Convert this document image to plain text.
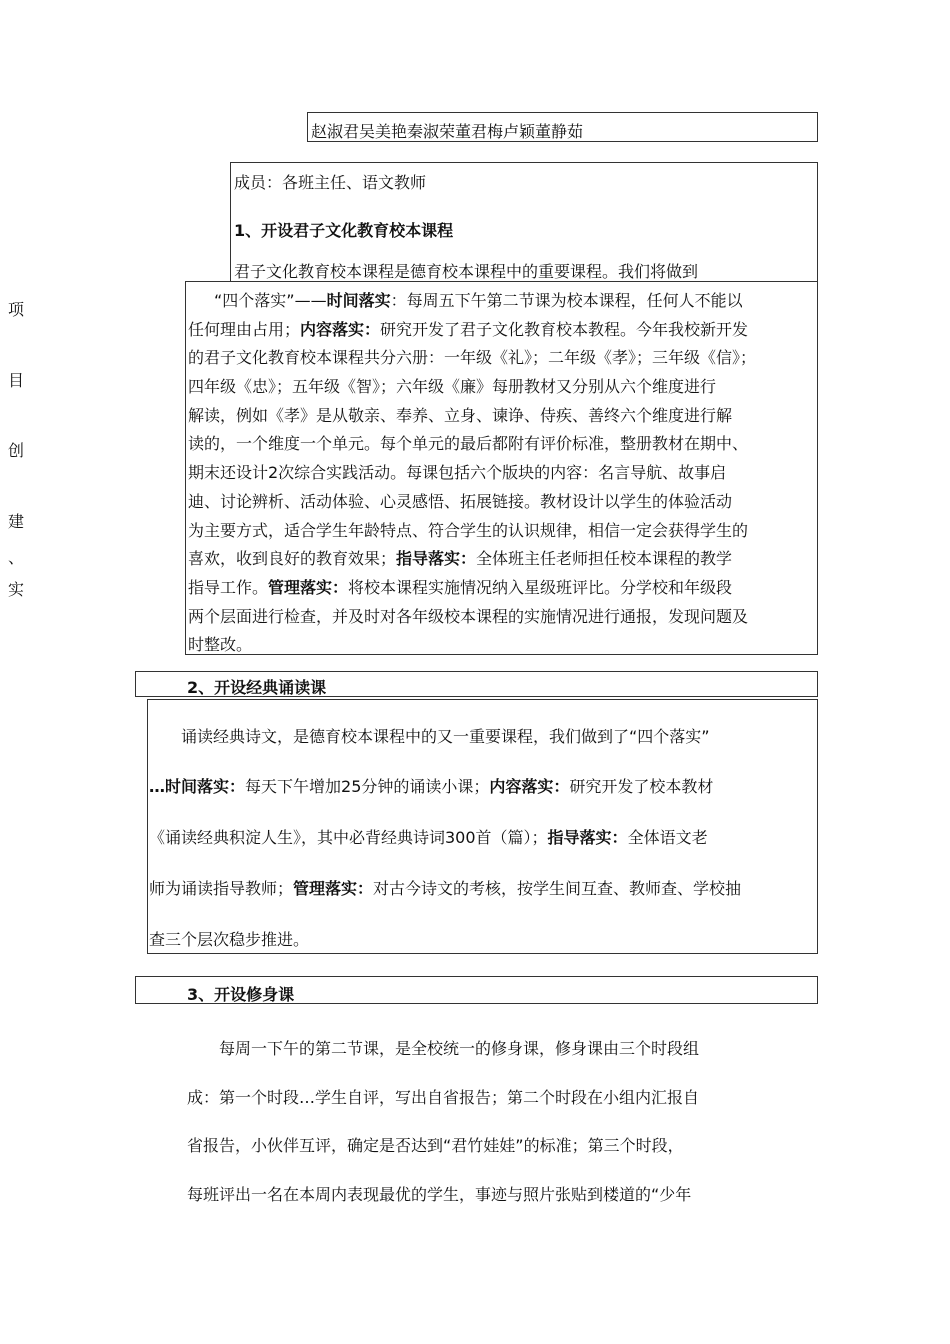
赵淑君吴美艳秦淑荣董君梅卢颖董静茹
成员：各班主任、语文教师
1、开设君子文化教育校本课程
君子文化教育校本课程是德育校本课程中的重要课程。我们将做到
项
目
创
建
、
实
“四个落实”——时间落实：每周五下午第二节课为校本课程，任何人不能以
任何理由占用；内容落实：研究开发了君子文化教育校本教程。今年我校新开发
的君子文化教育校本课程共分六册：一年级《礼》；二年级《孝》；三年级《信》；
四年级《忠》；五年级《智》；六年级《廉》每册教材又分别从六个维度进行
解读，例如《孝》是从敬亲、奉养、立身、谏诤、侍疾、善终六个维度进行解
读的，一个维度一个单元。每个单元的最后都附有评价标准，整册教材在期中、
期末还设计2次综合实践活动。每课包括六个版块的内容：名言导航、故事启
迪、讨论辨析、活动体验、心灵感悟、拓展链接。教材设计以学生的体验活动
为主要方式，适合学生年龄特点、符合学生的认识规律，相信一定会获得学生的
喜欢，收到良好的教育效果；指导落实：全体班主任老师担任校本课程的教学
指导工作。管理落实：将校本课程实施情况纳入星级班评比。分学校和年级段
两个层面进行检查，并及时对各年级校本课程的实施情况进行通报，发现问题及
时整改。
2、开设经典诵读课
　　诵读经典诗文，是德育校本课程中的又一重要课程，我们做到了“四个落实”
…时间落实：每天下午增加25分钟的诵读小课；内容落实：研究开发了校本教材
《诵读经典积淀人生》，其中必背经典诗词300首（篇）；指导落实：全体语文老
师为诵读指导教师；管理落实：对古今诗文的考核，按学生间互查、教师查、学校抽
查三个层次稳步推进。
3、开设修身课
　　每周一下午的第二节课，是全校统一的修身课，修身课由三个时段组
成：第一个时段…学生自评，写出自省报告；第二个时段在小组内汇报自
省报告，小伙伴互评，确定是否达到“君竹娃娃”的标准；第三个时段，
每班评出一名在本周内表现最优的学生，事迹与照片张贴到楼道的“少年
